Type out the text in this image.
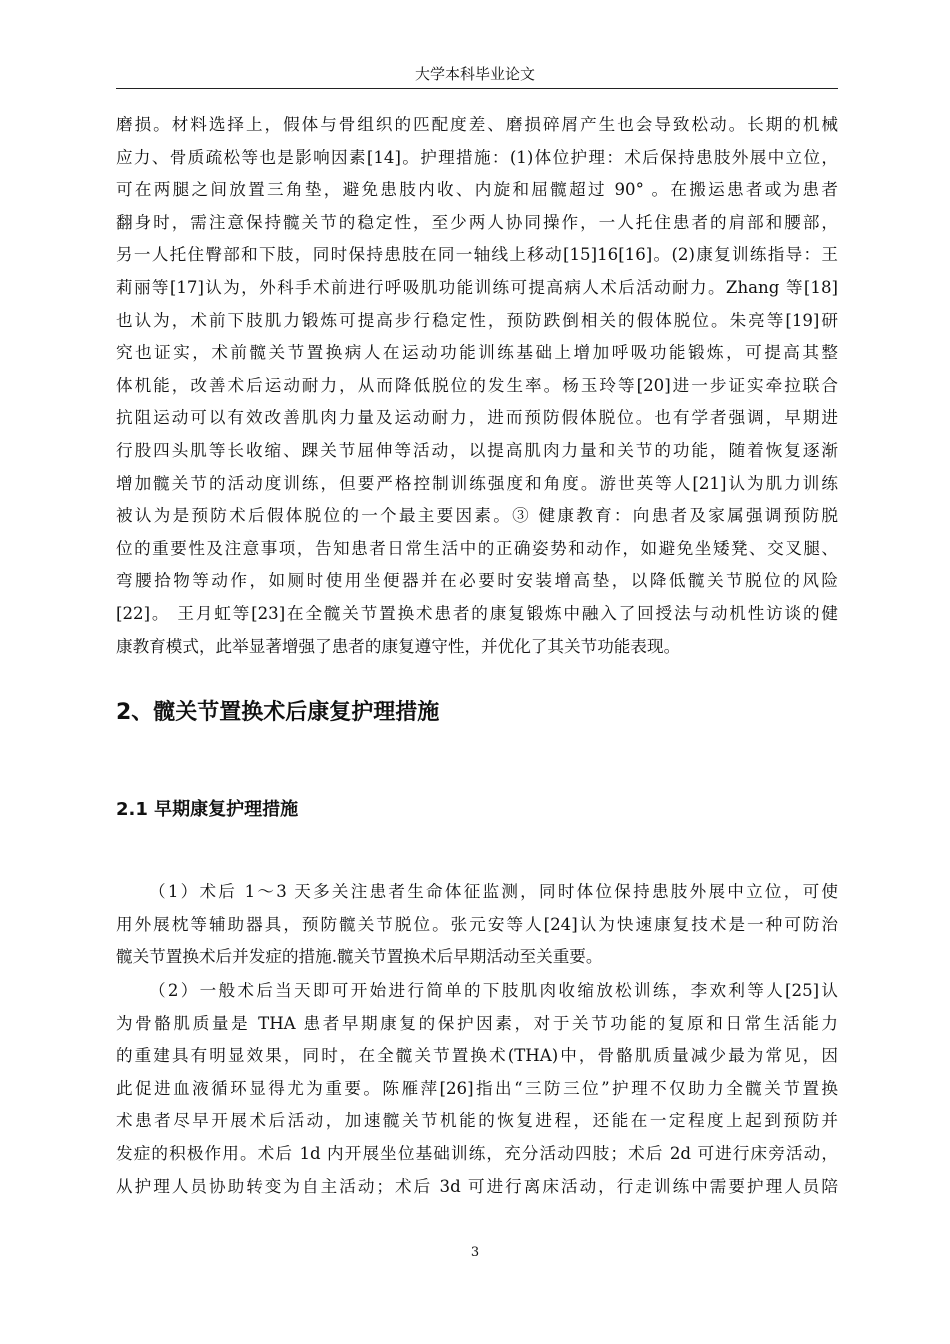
大学本科毕业论文
磨损。材料选择上，假体与骨组织的匹配度差、磨损碎屑产生也会导致松动。长期的机械
应力、骨质疏松等也是影响因素[14]。护理措施：(1)体位护理：术后保持患肢外展中立位，
可在两腿之间放置三角垫，避免患肢内收、内旋和屈髋超过 90° 。在搬运患者或为患者
翻身时，需注意保持髋关节的稳定性，至少两人协同操作，一人托住患者的肩部和腰部，
另一人托住臀部和下肢，同时保持患肢在同一轴线上移动[15]16[16]。(2)康复训练指导：王
莉丽等[17]认为，外科手术前进行呼吸肌功能训练可提高病人术后活动耐力。Zhang 等[18]
也认为，术前下肢肌力锻炼可提高步行稳定性，预防跌倒相关的假体脱位。朱亮等[19]研
究也证实，术前髋关节置换病人在运动功能训练基础上增加呼吸功能锻炼，可提高其整
体机能，改善术后运动耐力，从而降低脱位的发生率。杨玉玲等[20]进一步证实牵拉联合
抗阻运动可以有效改善肌肉力量及运动耐力，进而预防假体脱位。也有学者强调，早期进
行股四头肌等长收缩、踝关节屈伸等活动，以提高肌肉力量和关节的功能，随着恢复逐渐
增加髋关节的活动度训练，但要严格控制训练强度和角度。游世英等人[21]认为肌力训练
被认为是预防术后假体脱位的一个最主要因素。③ 健康教育：向患者及家属强调预防脱
位的重要性及注意事项，告知患者日常生活中的正确姿势和动作，如避免坐矮凳、交叉腿、
弯腰拾物等动作，如厕时使用坐便器并在必要时安装增高垫，以降低髋关节脱位的风险
[22]。 王月虹等[23]在全髋关节置换术患者的康复锻炼中融入了回授法与动机性访谈的健
康教育模式，此举显著增强了患者的康复遵守性，并优化了其关节功能表现。
2、髋关节置换术后康复护理措施
2.1 早期康复护理措施
（1）术后 1～3 天多关注患者生命体征监测，同时体位保持患肢外展中立位，可使
用外展枕等辅助器具，预防髋关节脱位。张元安等人[24]认为快速康复技术是一种可防治
髋关节置换术后并发症的措施.髋关节置换术后早期活动至关重要。
（2）一般术后当天即可开始进行简单的下肢肌肉收缩放松训练，李欢利等人[25]认
为骨骼肌质量是 THA 患者早期康复的保护因素，对于关节功能的复原和日常生活能力
的重建具有明显效果，同时，在全髋关节置换术(THA)中，骨骼肌质量减少最为常见，因
此促进血液循环显得尤为重要。陈雁萍[26]指出“三防三位”护理不仅助力全髋关节置换
术患者尽早开展术后活动，加速髋关节机能的恢复进程，还能在一定程度上起到预防并
发症的积极作用。术后 1d 内开展坐位基础训练，充分活动四肢；术后 2d 可进行床旁活动，
从护理人员协助转变为自主活动；术后 3d 可进行离床活动，行走训练中需要护理人员陪
3
